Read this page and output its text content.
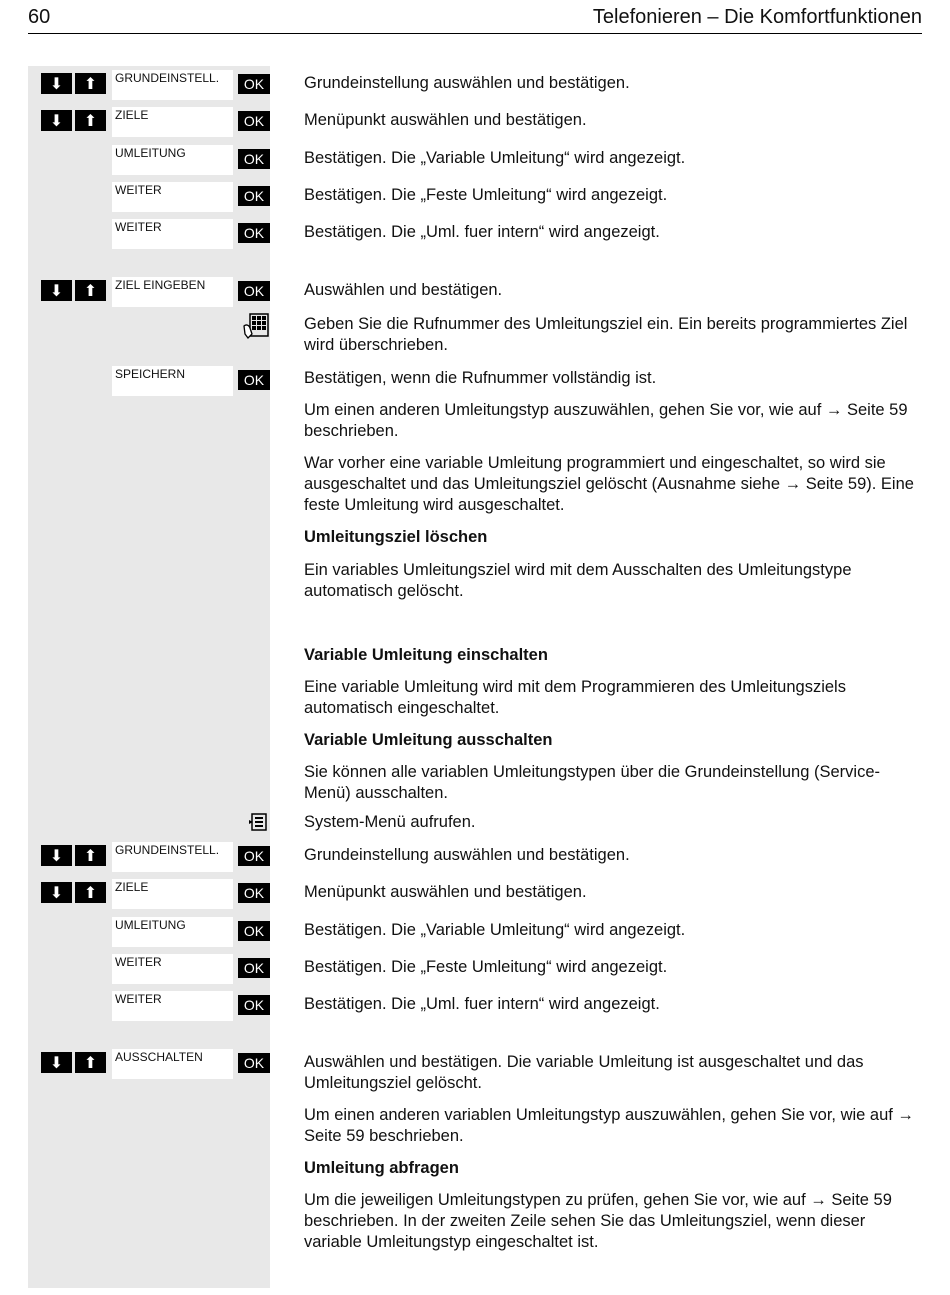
60	Telefonieren – Die Komfortfunktionen
⬇	⬆	GRUNDEINSTELL.	OK	Grundeinstellung auswählen und bestätigen.

⬇	⬆	ZIELE	OK	Menüpunkt auswählen und bestätigen.

UMLEITUNG	OK	Bestätigen. Die „Variable Umleitung“ wird angezeigt.

WEITER	OK	Bestätigen. Die „Feste Umleitung“ wird angezeigt.

WEITER	OK	Bestätigen. Die „Uml. fuer intern“ wird angezeigt.

⬇	⬆	ZIEL EINGEBEN	OK	Auswählen und bestätigen.

Geben Sie die Rufnummer des Umleitungsziel ein. Ein bereits programmiertes Ziel wird überschrieben.

SPEICHERN	OK	Bestätigen, wenn die Rufnummer vollständig ist.

Um einen anderen Umleitungstyp auszuwählen, gehen Sie vor, wie auf → Seite 59 beschrieben.

War vorher eine variable Umleitung programmiert und eingeschaltet, so wird sie ausgeschaltet und das Umleitungsziel gelöscht (Ausnahme siehe → Seite 59). Eine feste Umleitung wird ausgeschaltet.

Umleitungsziel löschen

Ein variables Umleitungsziel wird mit dem Ausschalten des Umleitungstype automatisch gelöscht.

Variable Umleitung einschalten

Eine variable Umleitung wird mit dem Programmieren des Umleitungsziels automatisch eingeschaltet.

Variable Umleitung ausschalten

Sie können alle variablen Umleitungstypen über die Grundeinstellung (Service-Menü) ausschalten.

System-Menü aufrufen.

⬇	⬆	GRUNDEINSTELL.	OK	Grundeinstellung auswählen und bestätigen.

⬇	⬆	ZIELE	OK	Menüpunkt auswählen und bestätigen.

UMLEITUNG	OK	Bestätigen. Die „Variable Umleitung“ wird angezeigt.

WEITER	OK	Bestätigen. Die „Feste Umleitung“ wird angezeigt.

WEITER	OK	Bestätigen. Die „Uml. fuer intern“ wird angezeigt.

⬇	⬆	AUSSCHALTEN	OK	Auswählen und bestätigen. Die variable Umleitung ist ausgeschaltet und das Umleitungsziel gelöscht.

Um einen anderen variablen Umleitungstyp auszuwählen, gehen Sie vor, wie auf → Seite 59 beschrieben.

Umleitung abfragen

Um die jeweiligen Umleitungstypen zu prüfen, gehen Sie vor, wie auf → Seite 59 beschrieben. In der zweiten Zeile sehen Sie das Umleitungsziel, wenn dieser variable Umleitungstyp eingeschaltet ist.
